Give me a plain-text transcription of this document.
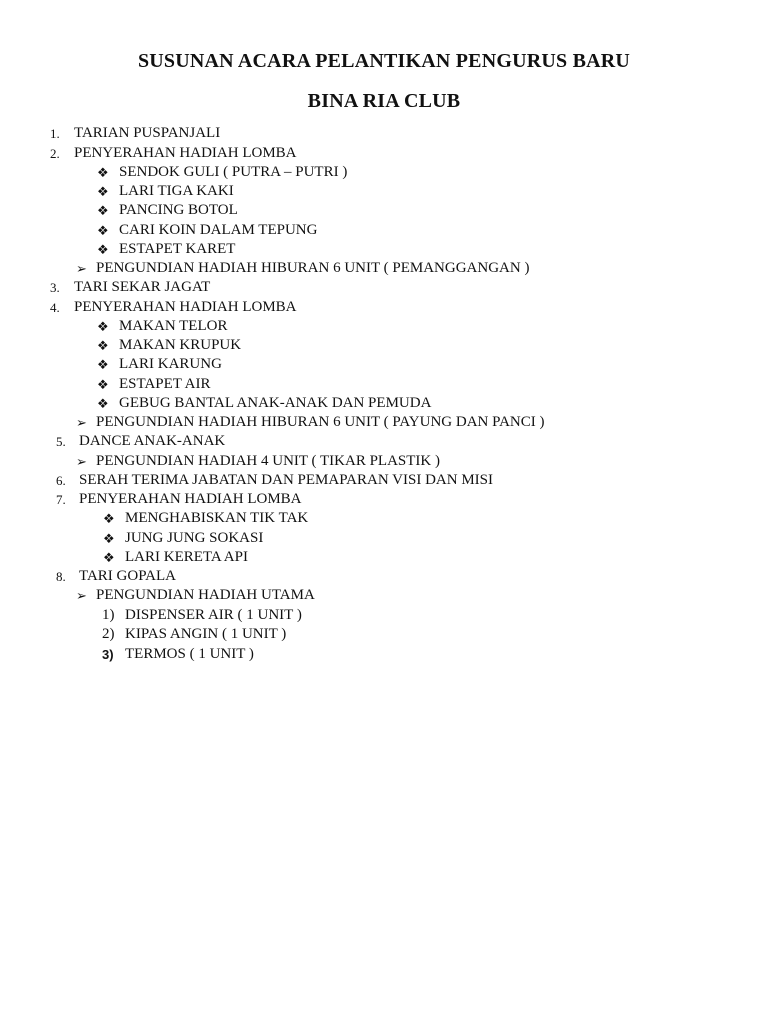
SUSUNAN ACARA PELANTIKAN PENGURUS BARU
BINA RIA CLUB
1. TARIAN PUSPANJALI
2. PENYERAHAN HADIAH LOMBA
❖ SENDOK GULI ( PUTRA – PUTRI )
❖ LARI TIGA KAKI
❖ PANCING BOTOL
❖ CARI KOIN DALAM TEPUNG
❖ ESTAPET KARET
➢ PENGUNDIAN HADIAH HIBURAN 6 UNIT ( PEMANGGANGAN )
3. TARI SEKAR JAGAT
4. PENYERAHAN HADIAH LOMBA
❖ MAKAN TELOR
❖ MAKAN KRUPUK
❖ LARI KARUNG
❖ ESTAPET AIR
❖ GEBUG BANTAL ANAK-ANAK DAN PEMUDA
➢ PENGUNDIAN HADIAH HIBURAN 6 UNIT ( PAYUNG DAN PANCI )
5. DANCE ANAK-ANAK
➢ PENGUNDIAN HADIAH 4 UNIT ( TIKAR PLASTIK )
6. SERAH TERIMA JABATAN DAN PEMAPARAN VISI DAN MISI
7. PENYERAHAN HADIAH LOMBA
❖ MENGHABISKAN TIK TAK
❖ JUNG JUNG SOKASI
❖ LARI KERETA API
8. TARI GOPALA
➢ PENGUNDIAN HADIAH UTAMA
1) DISPENSER AIR ( 1 UNIT )
2) KIPAS ANGIN ( 1 UNIT )
3) TERMOS ( 1 UNIT )
